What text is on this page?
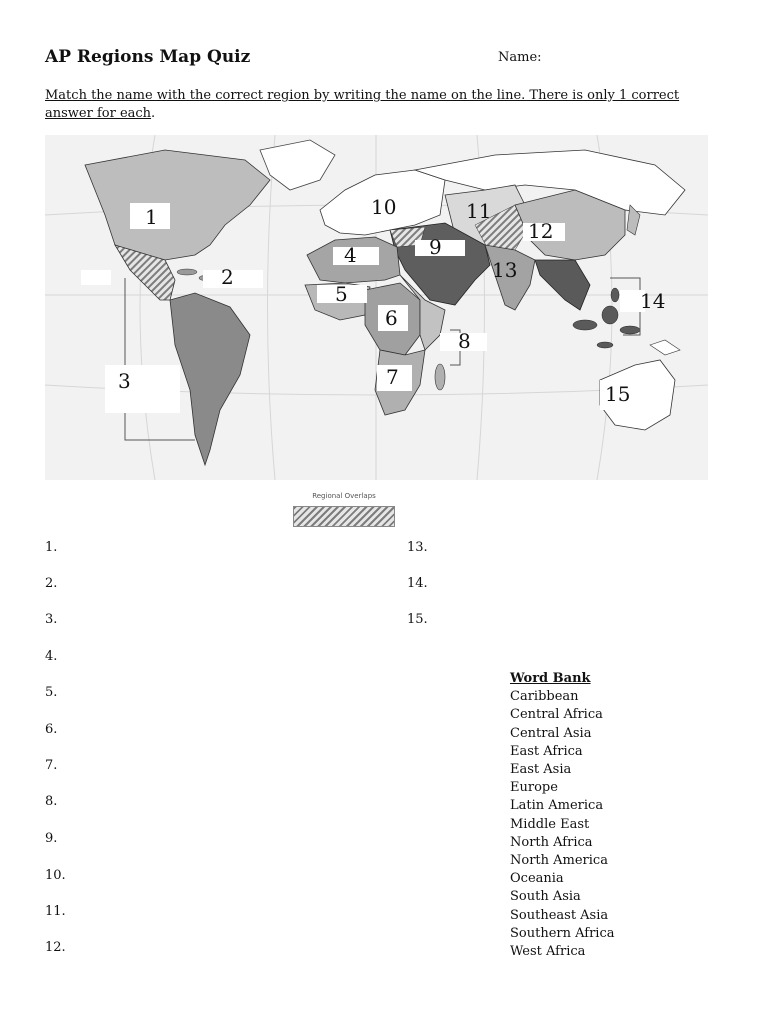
AP Regions Map Quiz	Name:
Match the name with the correct region by writing the name on the line. There is only 1 correct answer for each.
1
2
3
4
5
6
7
8
9
10	11
12
13
14
15
Regional Overlaps
1.
2.
3.
4.
5.
6.
7.
8.
9.
10.
11.
12.
13.
14.
15.
Word Bank
Caribbean
Central Africa
Central Asia
East Africa
East Asia
Europe
Latin America
Middle East
North Africa
North America
Oceania
South Asia
Southeast Asia
Southern Africa
West Africa
